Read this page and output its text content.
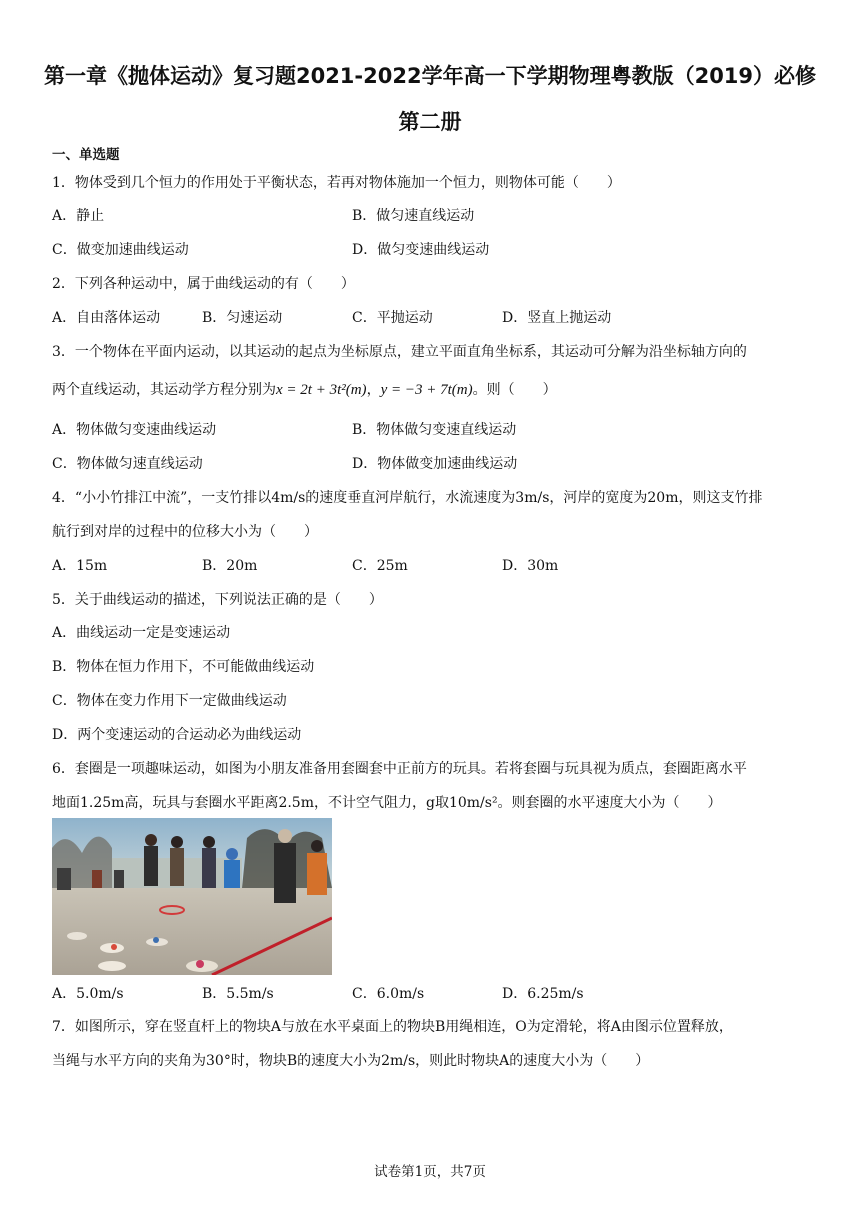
第一章《抛体运动》复习题2021-2022学年高一下学期物理粤教版（2019）必修
第二册
一、单选题
1．物体受到几个恒力的作用处于平衡状态，若再对物体施加一个恒力，则物体可能（　　）
A．静止	B．做匀速直线运动
C．做变加速曲线运动	D．做匀变速曲线运动
2．下列各种运动中，属于曲线运动的有（　　）
A．自由落体运动	B．匀速运动	C．平抛运动	D．竖直上抛运动
3．一个物体在平面内运动，以其运动的起点为坐标原点，建立平面直角坐标系，其运动可分解为沿坐标轴方向的
两个直线运动，其运动学方程分别为x = 2t + 3t²(m)，y = −3 + 7t(m)。则（　　）
A．物体做匀变速曲线运动	B．物体做匀变速直线运动
C．物体做匀速直线运动	D．物体做变加速曲线运动
4．“小小竹排江中流”，一支竹排以4m/s的速度垂直河岸航行，水流速度为3m/s，河岸的宽度为20m，则这支竹排
航行到对岸的过程中的位移大小为（　　）
A．15m	B．20m	C．25m	D．30m
5．关于曲线运动的描述，下列说法正确的是（　　）
A．曲线运动一定是变速运动
B．物体在恒力作用下，不可能做曲线运动
C．物体在变力作用下一定做曲线运动
D．两个变速运动的合运动必为曲线运动
6．套圈是一项趣味运动，如图为小朋友准备用套圈套中正前方的玩具。若将套圈与玩具视为质点，套圈距离水平
地面1.25m高，玩具与套圈水平距离2.5m，不计空气阻力，g取10m/s²。则套圈的水平速度大小为（　　）
A．5.0m/s	B．5.5m/s	C．6.0m/s	D．6.25m/s
7．如图所示，穿在竖直杆上的物块A与放在水平桌面上的物块B用绳相连，O为定滑轮，将A由图示位置释放，
当绳与水平方向的夹角为30°时，物块B的速度大小为2m/s，则此时物块A的速度大小为（　　）
试卷第1页，共7页
